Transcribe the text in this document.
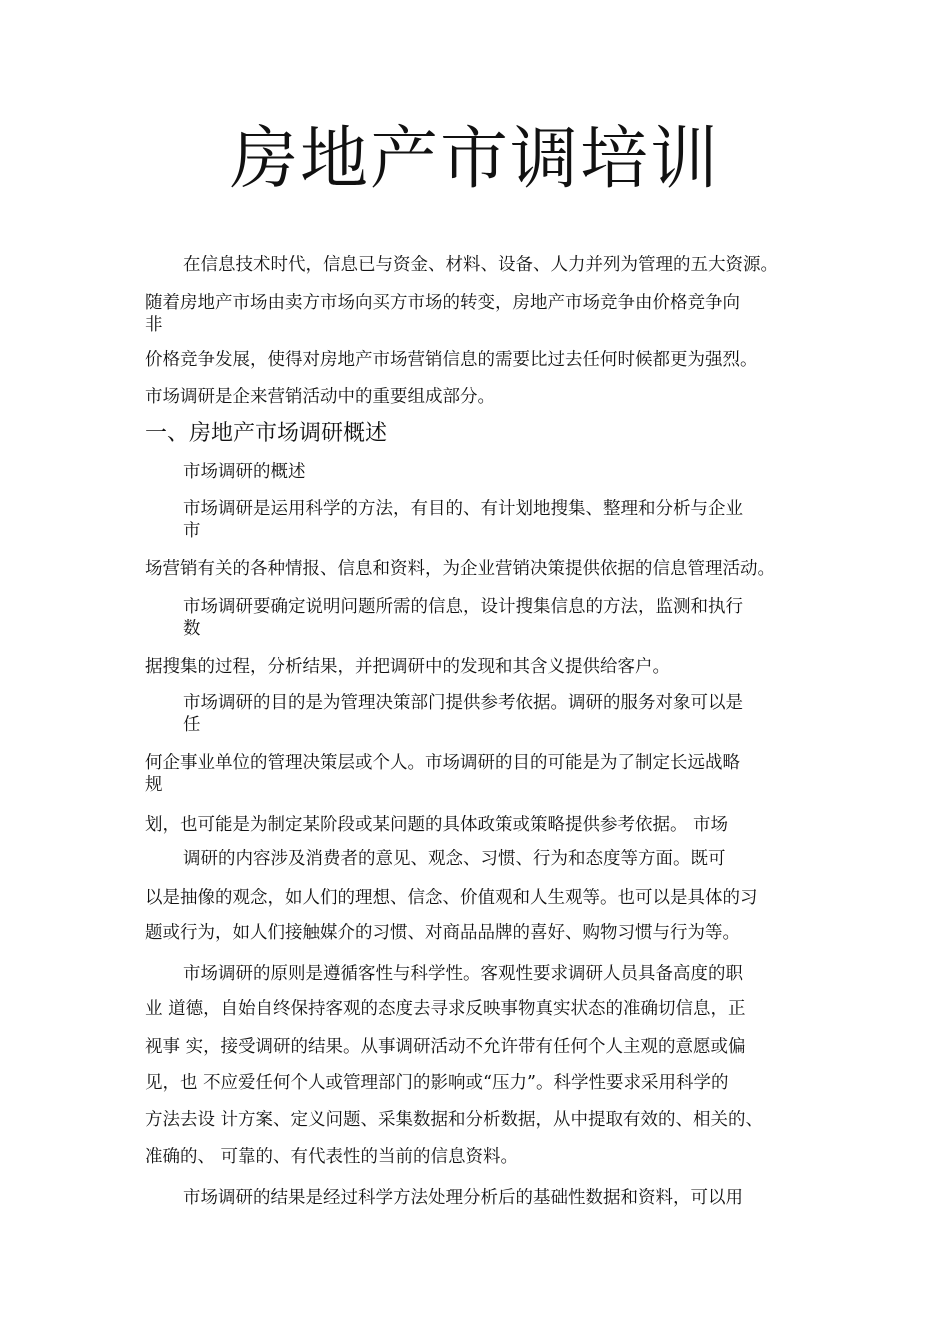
房地产市调培训

在信息技术时代，信息已与资金、材料、设备、人力并列为管理的五大资源。

随着房地产市场由卖方市场向买方市场的转变，房地产市场竞争由价格竞争向

非

价格竞争发展，使得对房地产市场营销信息的需要比过去任何时候都更为强烈。

市场调研是企来营销活动中的重要组成部分。

一、房地产市场调研概述

市场调研的概述

市场调研是运用科学的方法，有目的、有计划地搜集、整理和分析与企业

市

场营销有关的各种情报、信息和资料，为企业营销决策提供依据的信息管理活动。

市场调研要确定说明问题所需的信息，设计搜集信息的方法，监测和执行

数

据搜集的过程，分析结果，并把调研中的发现和其含义提供给客户。

市场调研的目的是为管理决策部门提供参考依据。调研的服务对象可以是

任

何企事业单位的管理决策层或个人。市场调研的目的可能是为了制定长远战略

规

划，也可能是为制定某阶段或某问题的具体政策或策略提供参考依据。 市场

调研的内容涉及消费者的意见、观念、习惯、行为和态度等方面。既可

以是抽像的观念，如人们的理想、信念、价值观和人生观等。也可以是具体的习

题或行为，如人们接触媒介的习惯、对商品品牌的喜好、购物习惯与行为等。

市场调研的原则是遵循客性与科学性。客观性要求调研人员具备高度的职

业 道德，自始自终保持客观的态度去寻求反映事物真实状态的准确切信息，正

视事 实，接受调研的结果。从事调研活动不允许带有任何个人主观的意愿或偏

见，也 不应爱任何个人或管理部门的影响或“压力”。科学性要求采用科学的

方法去设 计方案、定义问题、采集数据和分析数据，从中提取有效的、相关的、

准确的、 可靠的、有代表性的当前的信息资料。

市场调研的结果是经过科学方法处理分析后的基础性数据和资料，可以用
